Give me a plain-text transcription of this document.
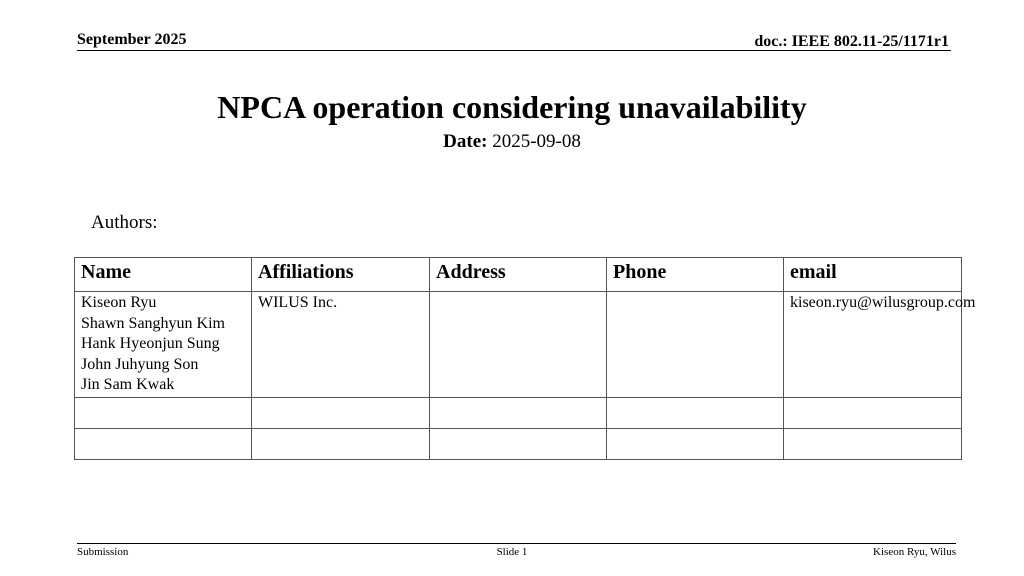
September 2025	doc.: IEEE 802.11-25/1171r1
NPCA operation considering unavailability
Date: 2025-09-08
Authors:
Name	Affiliations	Address	Phone	email

Kiseon Ryu
Shawn Sanghyun Kim
Hank Hyeonjun Sung
John Juhyung Son
Jin Sam Kwak	WILUS Inc.			kiseon.ryu@wilusgroup.com

Submission	Slide 1	Kiseon Ryu, Wilus
